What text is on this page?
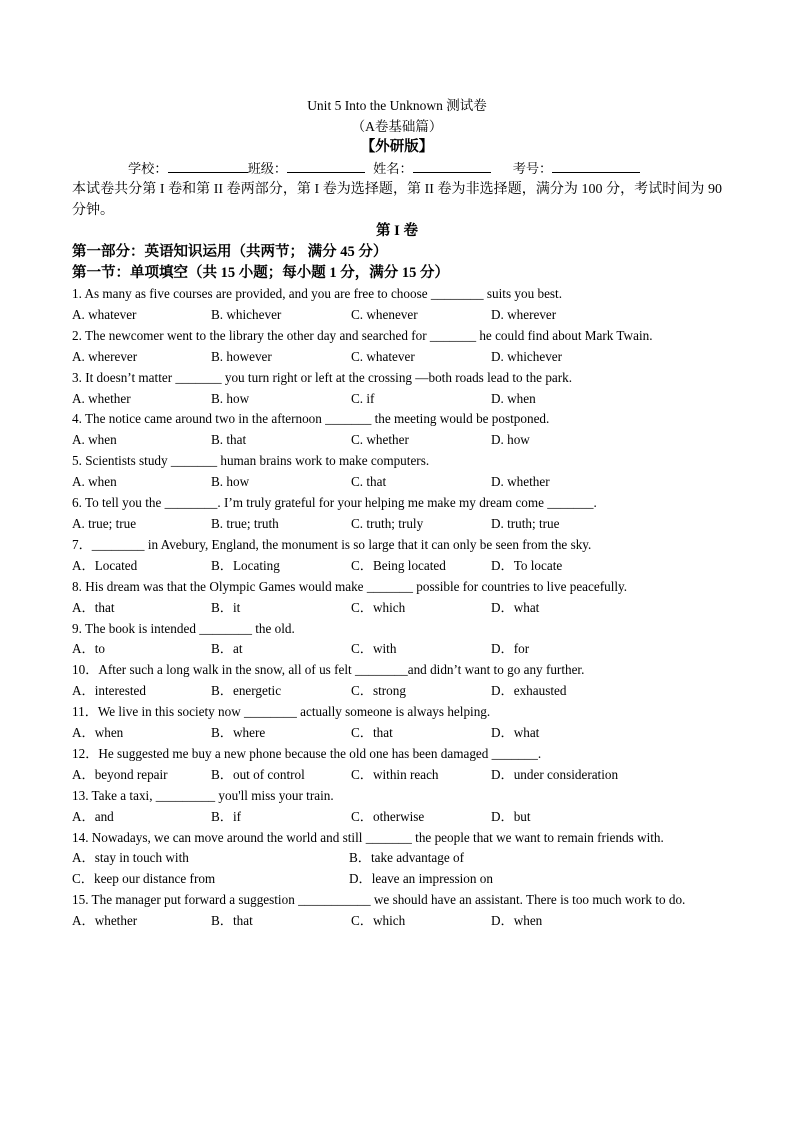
Unit 5 Into the Unknown 测试卷
（A卷基础篇）
【外研版】
学校：	班级：	姓名：	考号：
本试卷共分第 I 卷和第 II 卷两部分，第 I 卷为选择题，第 II 卷为非选择题，满分为 100 分，考试时间为 90 分钟。
第 I 卷
第一部分：英语知识运用（共两节； 满分 45 分）
第一节：单项填空（共 15 小题；每小题 1 分，满分 15 分）
1. As many as five courses are provided, and you are free to choose ________ suits you best.
A. whatever	B. whichever	C. whenever	D. wherever
2. The newcomer went to the library the other day and searched for _______ he could find about Mark Twain.
A. wherever	B. however	C. whatever	D. whichever
3. It doesn’t matter _______ you turn right or left at the crossing —both roads lead to the park.
A. whether	B. how	C. if	D. when
4. The notice came around two in the afternoon _______ the meeting would be postponed.
A. when	B. that	C. whether	D. how
5. Scientists study _______ human brains work to make computers.
A. when	B. how	C. that	D. whether
6. To tell you the ________. I’m truly grateful for your helping me make my dream come _______.
A. true; true	B. true; truth	C. truth; truly	D. truth; true
7．________ in Avebury, England, the monument is so large that it can only be seen from the sky.
A．Located	B．Locating	C．Being located	D．To locate
8. His dream was that the Olympic Games would make _______ possible for countries to live peacefully.
A．that	B．it	C．which	D．what
9. The book is intended ________ the old.
A．to	B．at	C．with	D．for
10．After such a long walk in the snow, all of us felt ________and didn’t want to go any further.
A．interested	B．energetic	C．strong	D．exhausted
11．We live in this society now ________ actually someone is always helping.
A．when	B．where	C．that	D．what
12．He suggested me buy a new phone because the old one has been damaged _______.
A．beyond repair	B．out of control	C．within reach	D．under consideration
13. Take a taxi, _________ you'll miss your train.
A．and	B．if	C．otherwise	D．but
14. Nowadays, we can move around the world and still _______ the people that we want to remain friends with.
A．stay in touch with	B．take advantage of
C．keep our distance from	D．leave an impression on
15. The manager put forward a suggestion ___________ we should have an assistant. There is too much work to do.
A．whether	B．that	C．which	D．when
